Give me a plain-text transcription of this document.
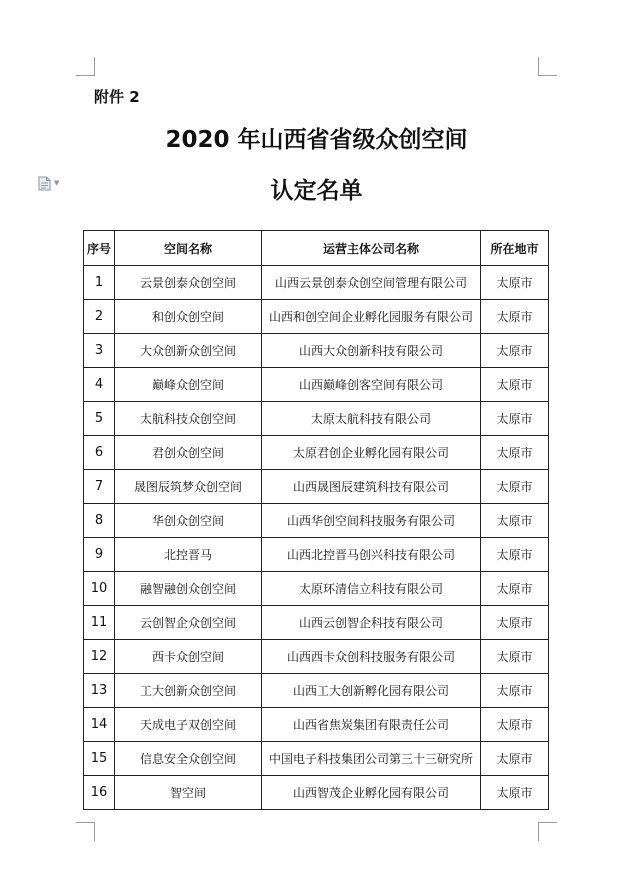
▼
附件 2
2020 年山西省省级众创空间
认定名单
序号	空间名称	运营主体公司名称	所在地市
1	云景创泰众创空间	山西云景创泰众创空间管理有限公司	太原市
2	和创众创空间	山西和创空间企业孵化园服务有限公司	太原市
3	大众创新众创空间	山西大众创新科技有限公司	太原市
4	巅峰众创空间	山西巅峰创客空间有限公司	太原市
5	太航科技众创空间	太原太航科技有限公司	太原市
6	君创众创空间	太原君创企业孵化园有限公司	太原市
7	晟图辰筑梦众创空间	山西晟图辰建筑科技有限公司	太原市
8	华创众创空间	山西华创空间科技服务有限公司	太原市
9	北控晋马	山西北控晋马创兴科技有限公司	太原市
10	融智融创众创空间	太原环清信立科技有限公司	太原市
11	云创智企众创空间	山西云创智企科技有限公司	太原市
12	西卡众创空间	山西西卡众创科技服务有限公司	太原市
13	工大创新众创空间	山西工大创新孵化园有限公司	太原市
14	天成电子双创空间	山西省焦炭集团有限责任公司	太原市
15	信息安全众创空间	中国电子科技集团公司第三十三研究所	太原市
16	智空间	山西智茂企业孵化园有限公司	太原市
